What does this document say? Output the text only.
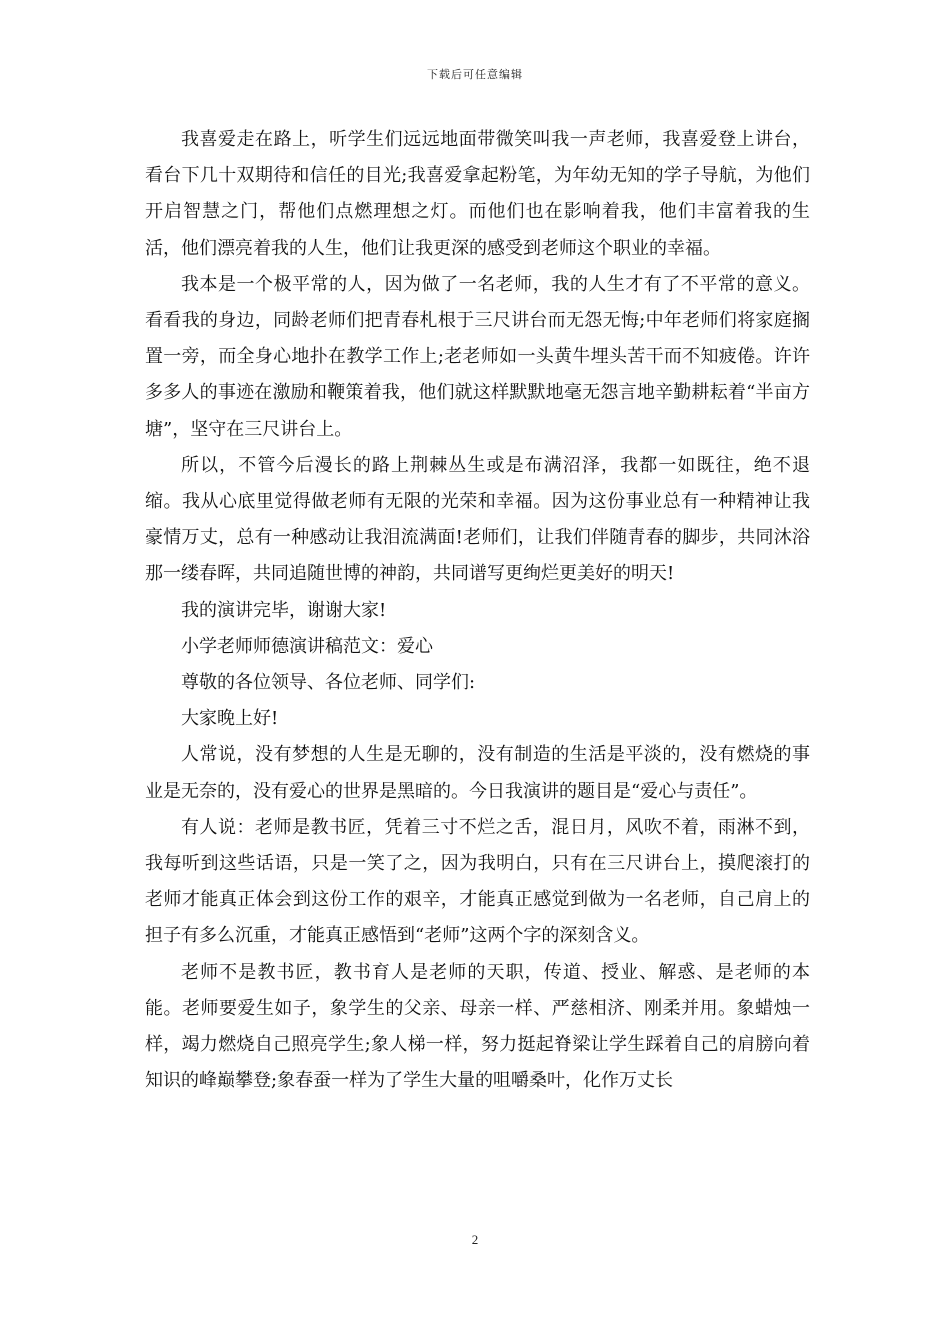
下载后可任意编辑

我喜爱走在路上，听学生们远远地面带微笑叫我一声老师，我喜爱登上讲台，看台下几十双期待和信任的目光;我喜爱拿起粉笔，为年幼无知的学子导航，为他们开启智慧之门，帮他们点燃理想之灯。而他们也在影响着我，他们丰富着我的生活，他们漂亮着我的人生，他们让我更深的感受到老师这个职业的幸福。

我本是一个极平常的人，因为做了一名老师，我的人生才有了不平常的意义。看看我的身边，同龄老师们把青春札根于三尺讲台而无怨无悔;中年老师们将家庭搁置一旁，而全身心地扑在教学工作上;老老师如一头黄牛埋头苦干而不知疲倦。许许多多人的事迹在激励和鞭策着我，他们就这样默默地毫无怨言地辛勤耕耘着“半亩方塘”，坚守在三尺讲台上。

所以，不管今后漫长的路上荆棘丛生或是布满沼泽，我都一如既往，绝不退缩。我从心底里觉得做老师有无限的光荣和幸福。因为这份事业总有一种精神让我豪情万丈，总有一种感动让我泪流满面!老师们，让我们伴随青春的脚步，共同沐浴那一缕春晖，共同追随世博的神韵，共同谱写更绚烂更美好的明天!

我的演讲完毕，谢谢大家!

小学老师师德演讲稿范文：爱心

尊敬的各位领导、各位老师、同学们:

大家晚上好!

人常说，没有梦想的人生是无聊的，没有制造的生活是平淡的，没有燃烧的事业是无奈的，没有爱心的世界是黑暗的。今日我演讲的题目是“爱心与责任”。

有人说：老师是教书匠，凭着三寸不烂之舌，混日月，风吹不着，雨淋不到，我每听到这些话语，只是一笑了之，因为我明白，只有在三尺讲台上，摸爬滚打的老师才能真正体会到这份工作的艰辛，才能真正感觉到做为一名老师，自己肩上的担子有多么沉重，才能真正感悟到“老师”这两个字的深刻含义。

老师不是教书匠，教书育人是老师的天职，传道、授业、解惑、是老师的本能。老师要爱生如子，象学生的父亲、母亲一样、严慈相济、刚柔并用。象蜡烛一样，竭力燃烧自己照亮学生;象人梯一样，努力挺起脊梁让学生踩着自己的肩膀向着知识的峰巅攀登;象春蚕一样为了学生大量的咀嚼桑叶，化作万丈长

2
